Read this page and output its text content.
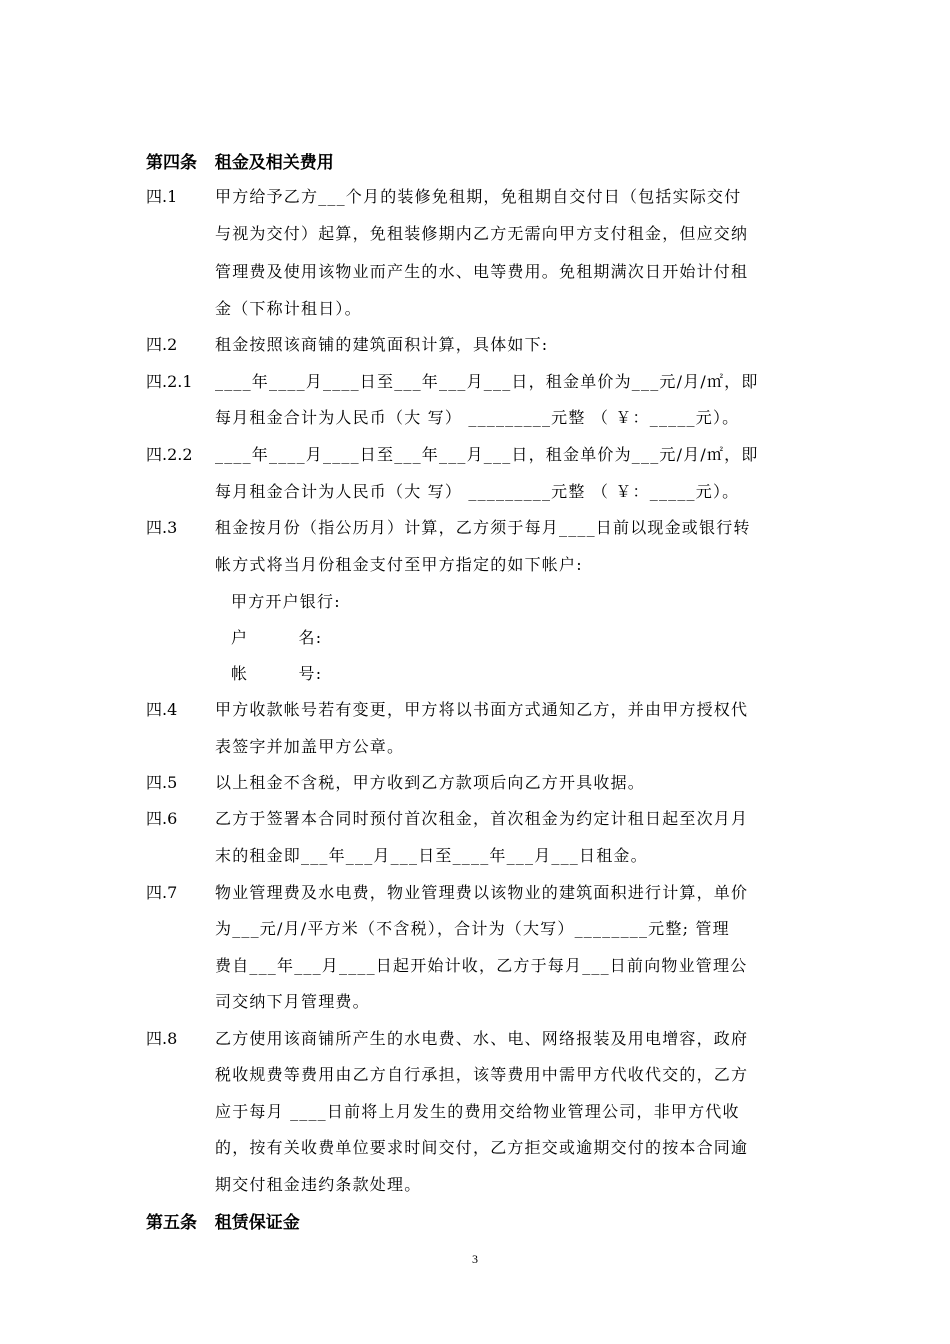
第四条   租金及相关费用
四.1 甲方给予乙方___个月的装修免租期，免租期自交付日（包括实际交付
与视为交付）起算，免租装修期内乙方无需向甲方支付租金，但应交纳
管理费及使用该物业而产生的水、电等费用。免租期满次日开始计付租
金（下称计租日）。
四.2 租金按照该商铺的建筑面积计算，具体如下:
四.2.1 ____年____月____日至___年___月___日，租金单价为___元/月/㎡，即
每月租金合计为人民币（大 写） _________元整 （ ￥：_____元）。
四.2.2 ____年____月____日至___年___月___日，租金单价为___元/月/㎡，即
每月租金合计为人民币（大 写） _________元整 （ ￥：_____元）。
四.3 租金按月份（指公历月）计算，乙方须于每月____日前以现金或银行转
帐方式将当月份租金支付至甲方指定的如下帐户:
甲方开户银行:
户        名:
帐        号:
四.4 甲方收款帐号若有变更，甲方将以书面方式通知乙方，并由甲方授权代
表签字并加盖甲方公章。
四.5 以上租金不含税，甲方收到乙方款项后向乙方开具收据。
四.6 乙方于签署本合同时预付首次租金，首次租金为约定计租日起至次月月
末的租金即___年___月___日至____年___月___日租金。
四.7 物业管理费及水电费，物业管理费以该物业的建筑面积进行计算，单价
为___元/月/平方米（不含税），合计为（大写）________元整; 管理
费自___年___月____日起开始计收，乙方于每月___日前向物业管理公
司交纳下月管理费。
四.8 乙方使用该商铺所产生的水电费、水、电、网络报装及用电增容，政府
税收规费等费用由乙方自行承担，该等费用中需甲方代收代交的，乙方
应于每月 ____日前将上月发生的费用交给物业管理公司，非甲方代收
的，按有关收费单位要求时间交付，乙方拒交或逾期交付的按本合同逾
期交付租金违约条款处理。
第五条   租赁保证金
3
